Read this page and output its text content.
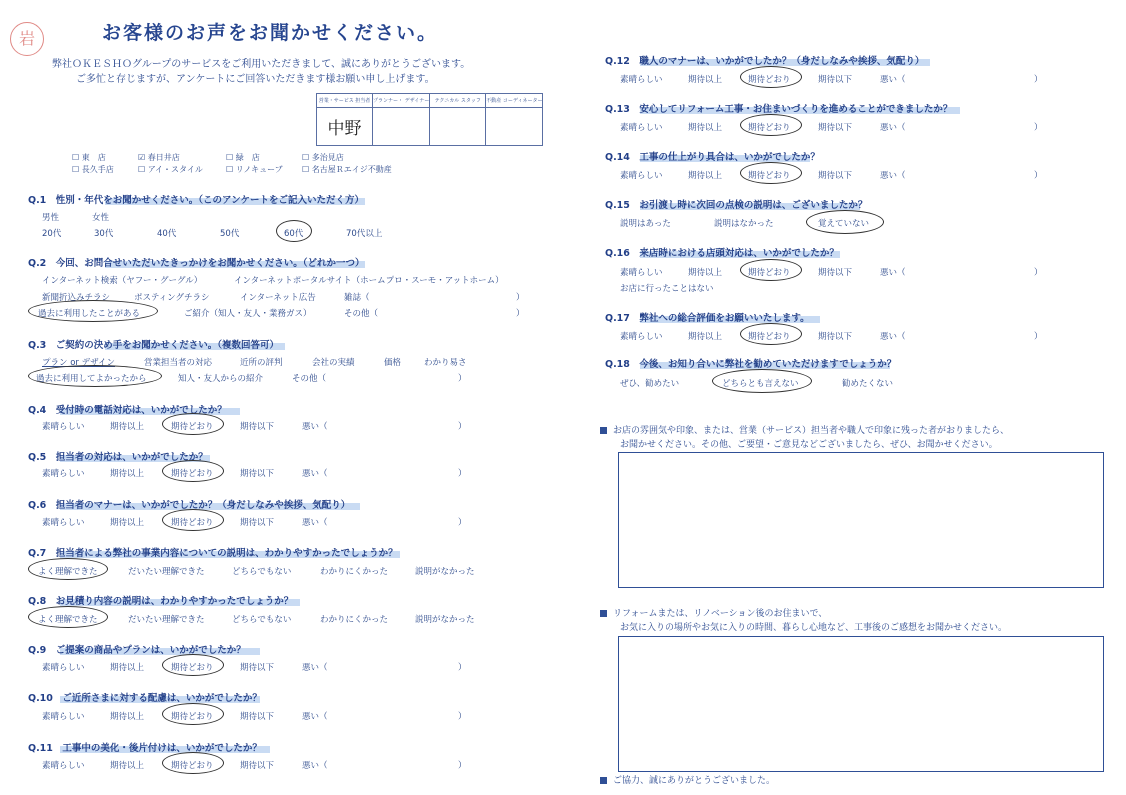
岩	お客様のお声をお聞かせください。
弊社ＯＫＥＳＨＯグループのサービスをご利用いただきまして、誠にありがとうございます。
ご多忙と存じますが、アンケートにご回答いただきます様お願い申し上げます。
営業・サービス 担当者	プランナー・ デザイナー	テクニカル スタッフ	不動産 コーディネーター
中野			
☐ 東　店	☑ 春日井店	☐ 緑　店	☐ 多治見店
☐ 長久手店	☐ アイ・スタイル	☐ リノキューブ ☐ 名古屋Ｒエイジ不動産
Q.1　性別・年代をお聞かせください。（このアンケートをご記入いただく方）
男性	女性
20代	30代	40代	50代	60代	70代以上
Q.2　今回、お問合せいただいたきっかけをお聞かせください。（どれか一つ）
インターネット検索（ヤフー・グーグル）	インターネットポータルサイト（ホームプロ・スーモ・アットホーム）
新聞折込みチラシ	ポスティングチラシ	インターネット広告	雑誌（	）
過去に利用したことがある	ご紹介（知人・友人・業務ガス）	その他（	）
Q.3　ご契約の決め手をお聞かせください。（複数回答可）
プラン or デザイン	営業担当者の対応	近所の評判	会社の実績	価格	わかり易さ
過去に利用してよかったから	知人・友人からの紹介	その他（	）
Q.4　受付時の電話対応は、いかがでしたか？
素晴らしい	期待以上	期待どおり	期待以下	悪い（	）
Q.5　担当者の対応は、いかがでしたか？
素晴らしい	期待以上	期待どおり	期待以下	悪い（	）
Q.6　担当者のマナーは、いかがでしたか？（身だしなみや挨拶、気配り）
素晴らしい	期待以上	期待どおり	期待以下	悪い（	）
Q.7　担当者による弊社の事業内容についての説明は、わかりやすかったでしょうか？
よく理解できた	だいたい理解できた	どちらでもない	わかりにくかった	説明がなかった
Q.8　お見積り内容の説明は、わかりやすかったでしょうか？
よく理解できた	だいたい理解できた	どちらでもない	わかりにくかった	説明がなかった
Q.9　ご提案の商品やプランは、いかがでしたか？
素晴らしい	期待以上	期待どおり	期待以下	悪い（	）
Q.10　ご近所さまに対する配慮は、いかがでしたか？
素晴らしい	期待以上	期待どおり	期待以下	悪い（	）
Q.11　工事中の美化・後片付けは、いかがでしたか？
素晴らしい	期待以上	期待どおり	期待以下	悪い（	）
Q.12　職人のマナーは、いかがでしたか？（身だしなみや挨拶、気配り）
素晴らしい	期待以上	期待どおり	期待以下	悪い（	）
Q.13　安心してリフォーム工事・お住まいづくりを進めることができましたか？
素晴らしい	期待以上	期待どおり	期待以下	悪い（	）
Q.14　工事の仕上がり具合は、いかがでしたか？
素晴らしい	期待以上	期待どおり	期待以下	悪い（	）
Q.15　お引渡し時に次回の点検の説明は、ございましたか？
説明はあった	説明はなかった	覚えていない
Q.16　来店時における店頭対応は、いかがでしたか？
素晴らしい	期待以上	期待どおり	期待以下	悪い（	）
お店に行ったことはない
Q.17　弊社への総合評価をお願いいたします。
素晴らしい	期待以上	期待どおり	期待以下	悪い（	）
Q.18　今後、お知り合いに弊社を勧めていただけますでしょうか？
ぜひ、勧めたい	どちらとも言えない	勧めたくない
お店の雰囲気や印象、または、営業（サービス）担当者や職人で印象に残った者がおりましたら、
お聞かせください。その他、ご要望・ご意見などございましたら、ぜひ、お聞かせください。
リフォームまたは、リノベーション後のお住まいで、
お気に入りの場所やお気に入りの時間、暮らし心地など、工事後のご感想をお聞かせください。
ご協力、誠にありがとうございました。
